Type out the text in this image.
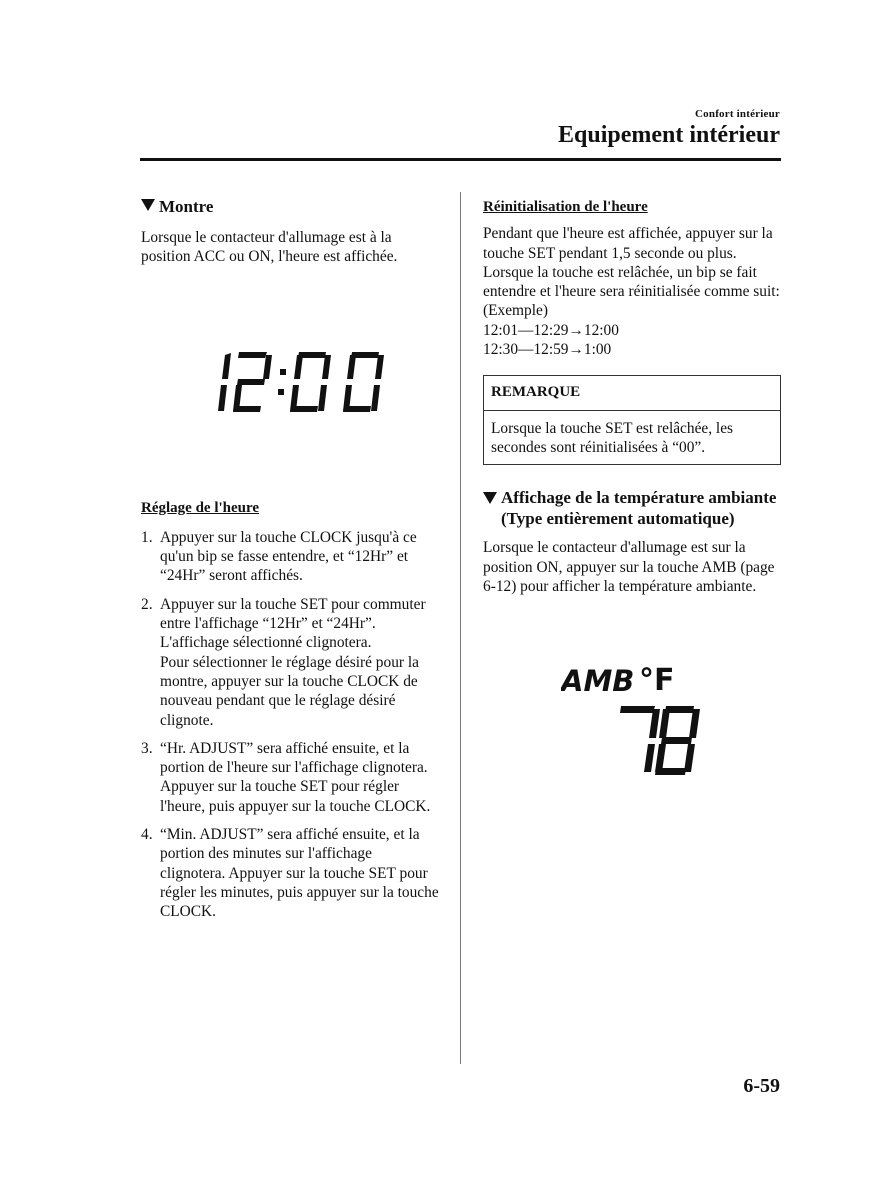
Confort intérieur
Equipement intérieur
Montre

Lorsque le contacteur d'allumage est à la position ACC ou ON, l'heure est affichée.

Réglage de l'heure
1. Appuyer sur la touche CLOCK jusqu'à ce qu'un bip se fasse entendre, et “12Hr” et “24Hr” seront affichés.
2. Appuyer sur la touche SET pour commuter entre l'affichage “12Hr” et “24Hr”. L'affichage sélectionné clignotera.
Pour sélectionner le réglage désiré pour la montre, appuyer sur la touche CLOCK de nouveau pendant que le réglage désiré clignote.
3. “Hr. ADJUST” sera affiché ensuite, et la portion de l'heure sur l'affichage clignotera. Appuyer sur la touche SET pour régler l'heure, puis appuyer sur la touche CLOCK.
4. “Min. ADJUST” sera affiché ensuite, et la portion des minutes sur l'affichage clignotera. Appuyer sur la touche SET pour régler les minutes, puis appuyer sur la touche CLOCK.
Réinitialisation de l'heure

Pendant que l'heure est affichée, appuyer sur la touche SET pendant 1,5 seconde ou plus. Lorsque la touche est relâchée, un bip se fait entendre et l'heure sera réinitialisée comme suit:

(Exemple)
12:01―12:29→12:00
12:30―12:59→1:00
REMARQUE
Lorsque la touche SET est relâchée, les secondes sont réinitialisées à “00”.
Affichage de la température ambiante (Type entièrement automatique)

Lorsque le contacteur d'allumage est sur la position ON, appuyer sur la touche AMB (page 6-12) pour afficher la température ambiante.

AMB °F
6-59
